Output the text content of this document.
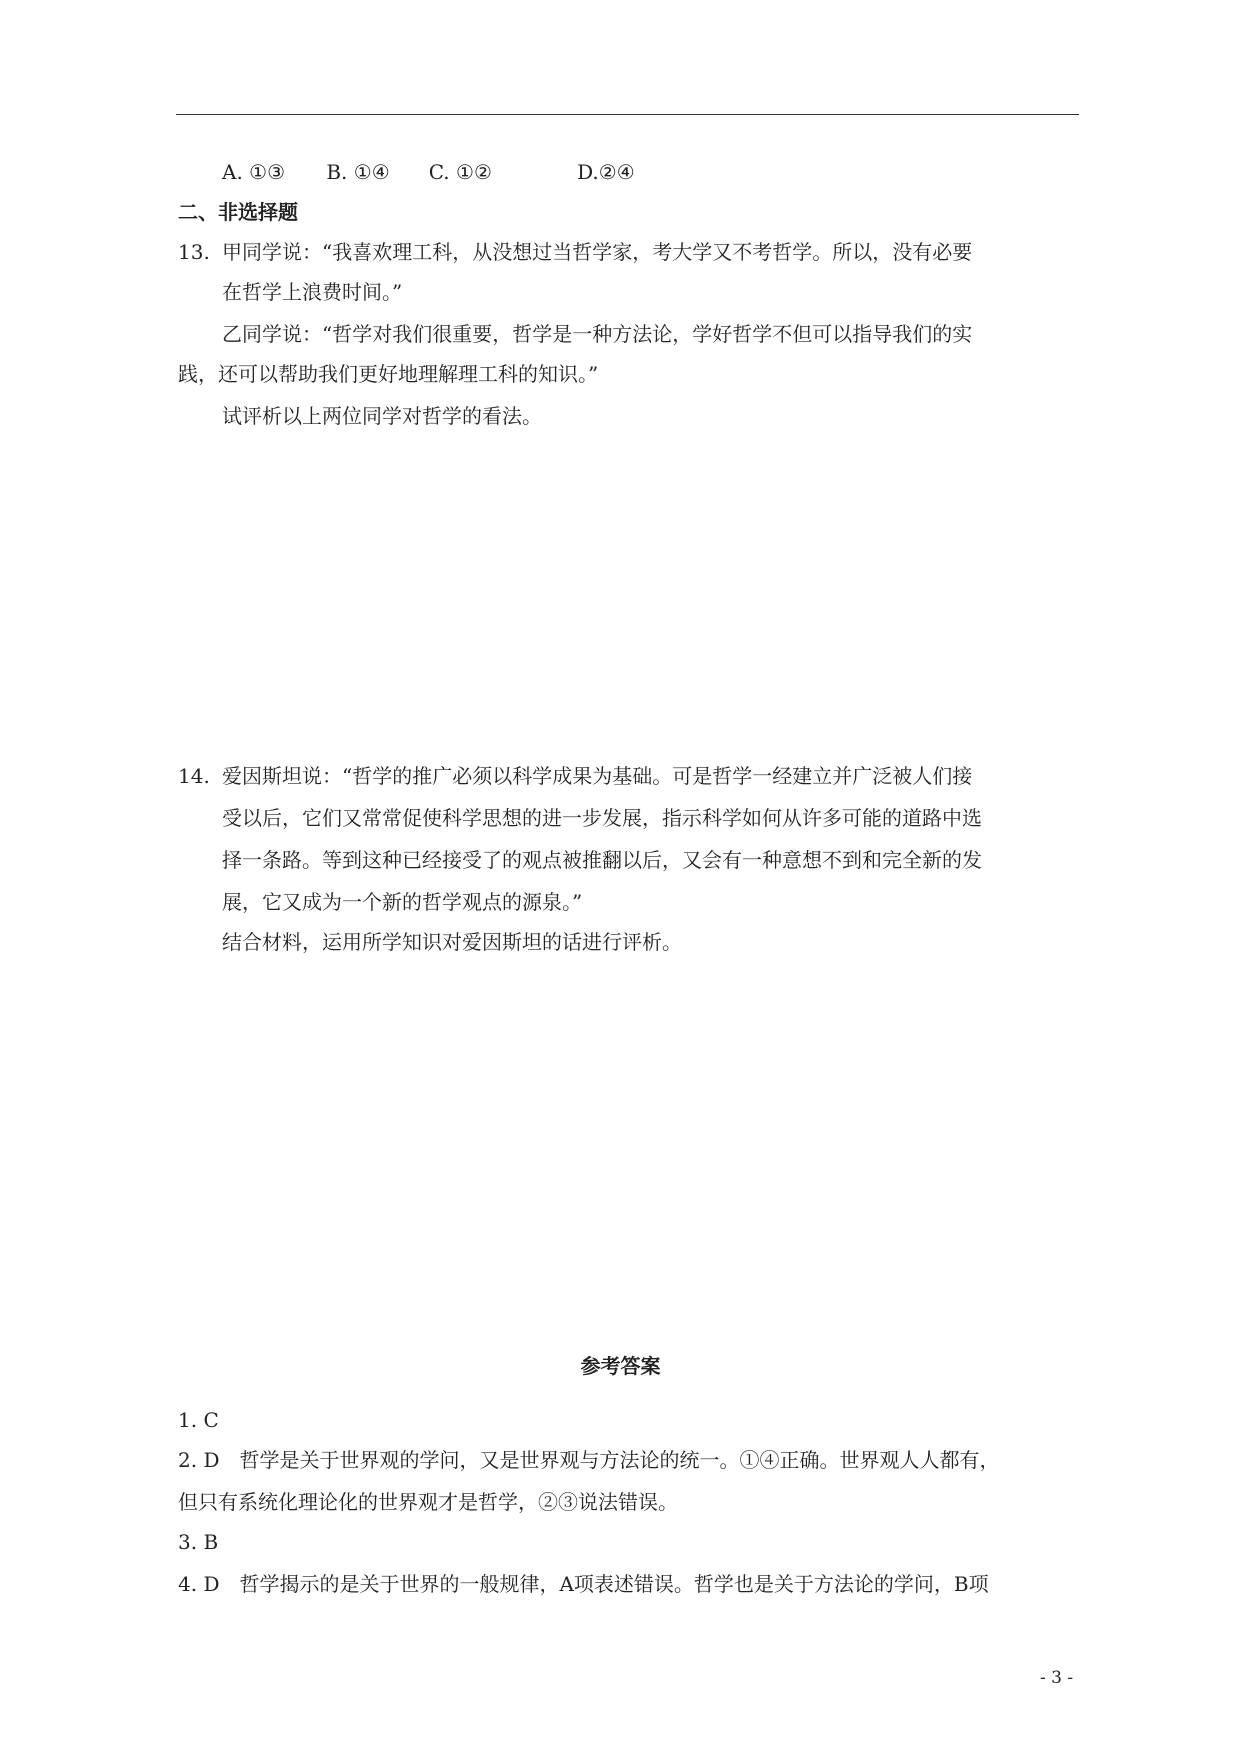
A. ①③ B. ①④ C. ①②	D.②④
二、非选择题
13. 甲同学说：“我喜欢理工科，从没想过当哲学家，考大学又不考哲学。所以，没有必要
在哲学上浪费时间。”
乙同学说：“哲学对我们很重要，哲学是一种方法论，学好哲学不但可以指导我们的实
践，还可以帮助我们更好地理解理工科的知识。”
试评析以上两位同学对哲学的看法。
14. 爱因斯坦说：“哲学的推广必须以科学成果为基础。可是哲学一经建立并广泛被人们接
受以后，它们又常常促使科学思想的进一步发展，指示科学如何从许多可能的道路中选
择一条路。等到这种已经接受了的观点被推翻以后，又会有一种意想不到和完全新的发
展，它又成为一个新的哲学观点的源泉。”
结合材料，运用所学知识对爱因斯坦的话进行评析。
参考答案
1. C
2. D　哲学是关于世界观的学问，又是世界观与方法论的统一。①④正确。世界观人人都有，
但只有系统化理论化的世界观才是哲学，②③说法错误。
3. B
4. D　哲学揭示的是关于世界的一般规律，A项表述错误。哲学也是关于方法论的学问，B项
- 3 -
